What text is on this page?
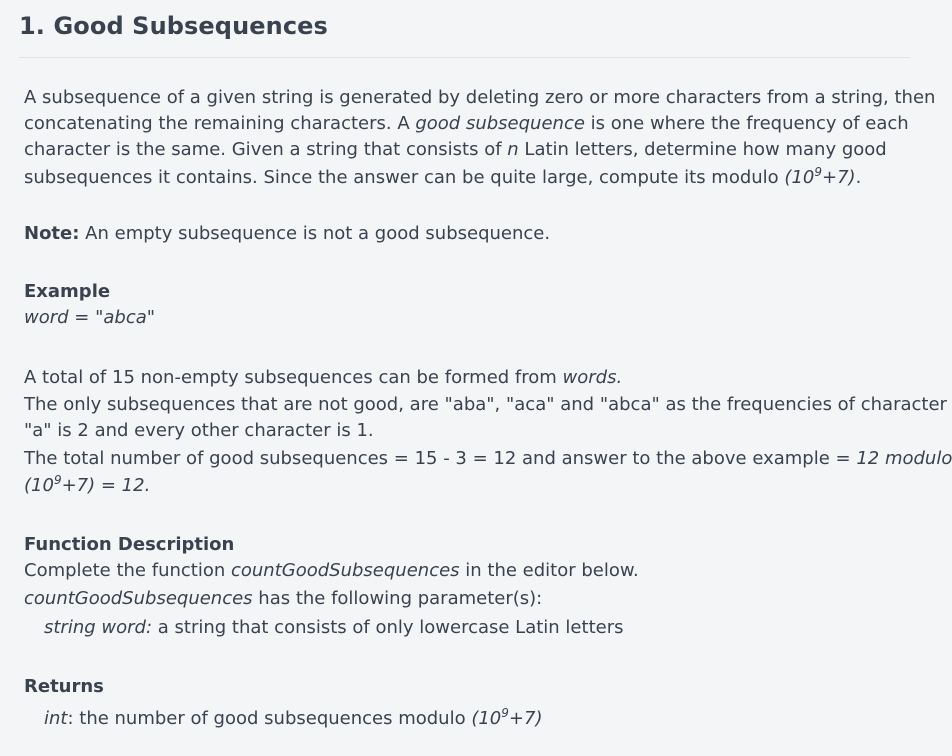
1. Good Subsequences

A subsequence of a given string is generated by deleting zero or more characters from a string, then
concatenating the remaining characters. A good subsequence is one where the frequency of each
character is the same. Given a string that consists of n Latin letters, determine how many good
subsequences it contains. Since the answer can be quite large, compute its modulo $(10^9+7)$.

Note: An empty subsequence is not a good subsequence.

Example

word = "abca"

A total of 15 non-empty subsequences can be formed from words.
The only subsequences that are not good, are "aba", "aca" and "abca" as the frequencies of character
"a" is 2 and every other character is 1.
The total number of good subsequences = 15 - 3 = 12 and answer to the above example = 12 modulo
$(10^9+7) = 12$.

Function Description

Complete the function countGoodSubsequences in the editor below.
countGoodSubsequences has the following parameter(s):
string word: a string that consists of only lowercase Latin letters

Returns

int: the number of good subsequences modulo $(10^9+7)$
